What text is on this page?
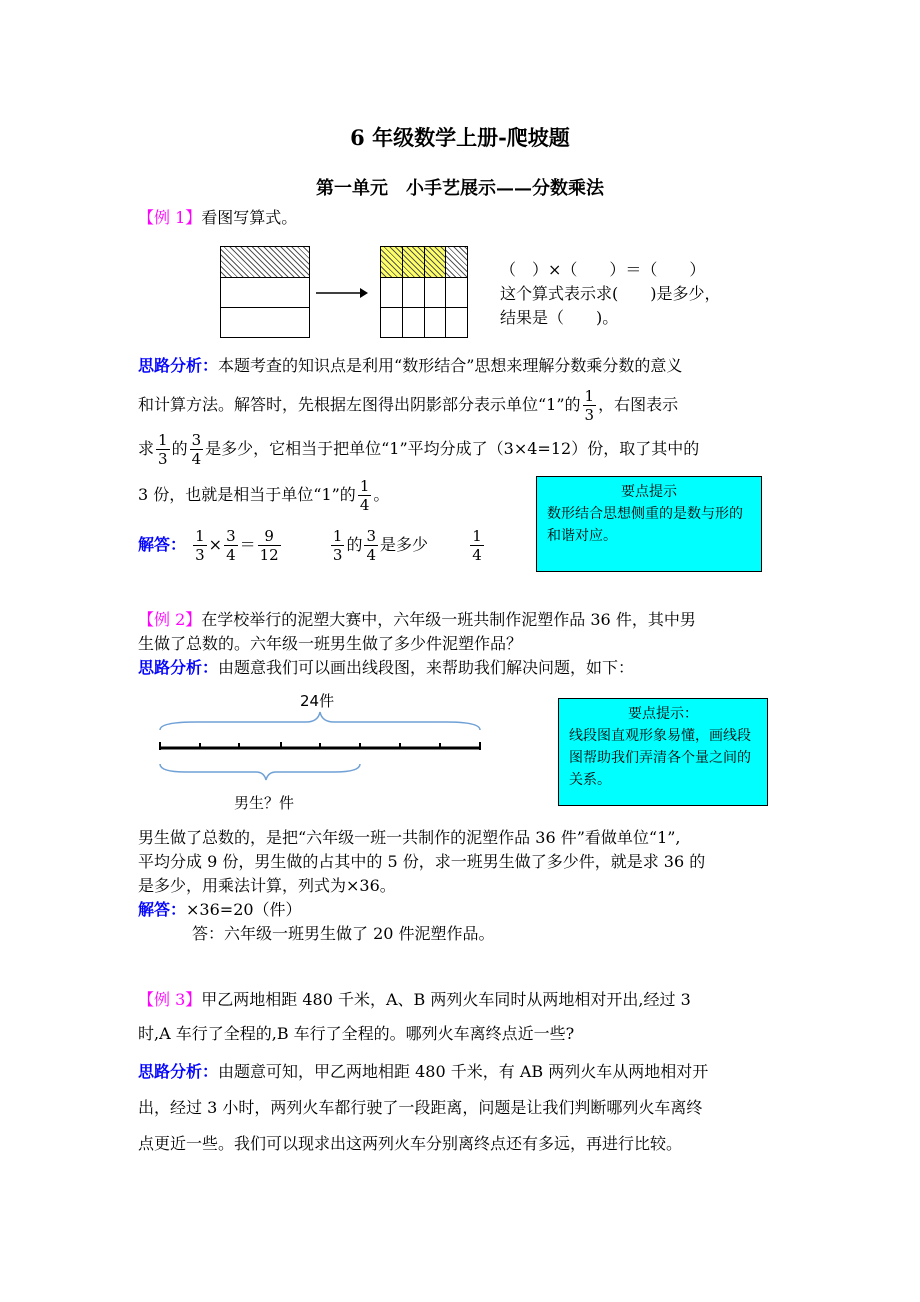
6 年级数学上册-爬坡题
第一单元　小手艺展示——分数乘法
【例 1】看图写算式。
（　）×（　　）＝（　　）
这个算式表示求(　　)是多少，
结果是（　　)。
思路分析：本题考查的知识点是利用“数形结合”思想来理解分数乘分数的意义
和计算方法。解答时，先根据左图得出阴影部分表示单位“1”的 $\frac{1}{3}$ ，右图表示
求 $\frac{1}{3}$ 的 $\frac{3}{4}$ 是多少，它相当于把单位“1”平均分成了（3×4=12）份，取了其中的
3 份，也就是相当于单位“1”的 $\frac{1}{4}$ 。
解答： $\frac{1}{3} \times \frac{3}{4} = \frac{9}{12}$
	$\frac{1}{3}$ 的 $\frac{3}{4}$ 是多少	$\frac{1}{4}$
要点提示
数形结合思想侧重的是数与形的和谐对应。
【例 2】在学校举行的泥塑大赛中，六年级一班共制作泥塑作品 36 件，其中男
生做了总数的。六年级一班男生做了多少件泥塑作品？
思路分析：由题意我们可以画出线段图，来帮助我们解决问题，如下：
24件
男生？件
要点提示：
线段图直观形象易懂，画线段图帮助我们弄清各个量之间的关系。
男生做了总数的，是把“六年级一班一共制作的泥塑作品 36 件”看做单位“1”,
平均分成 9 份，男生做的占其中的 5 份，求一班男生做了多少件，就是求 36 的
是多少，用乘法计算，列式为×36。
解答：×36=20（件）
答：六年级一班男生做了 20 件泥塑作品。
【例 3】甲乙两地相距 480 千米，A、B 两列火车同时从两地相对开出,经过 3
时,A 车行了全程的,B 车行了全程的。哪列火车离终点近一些?
思路分析：由题意可知，甲乙两地相距 480 千米，有 AB 两列火车从两地相对开
出，经过 3 小时，两列火车都行驶了一段距离，问题是让我们判断哪列火车离终
点更近一些。我们可以现求出这两列火车分别离终点还有多远，再进行比较。
